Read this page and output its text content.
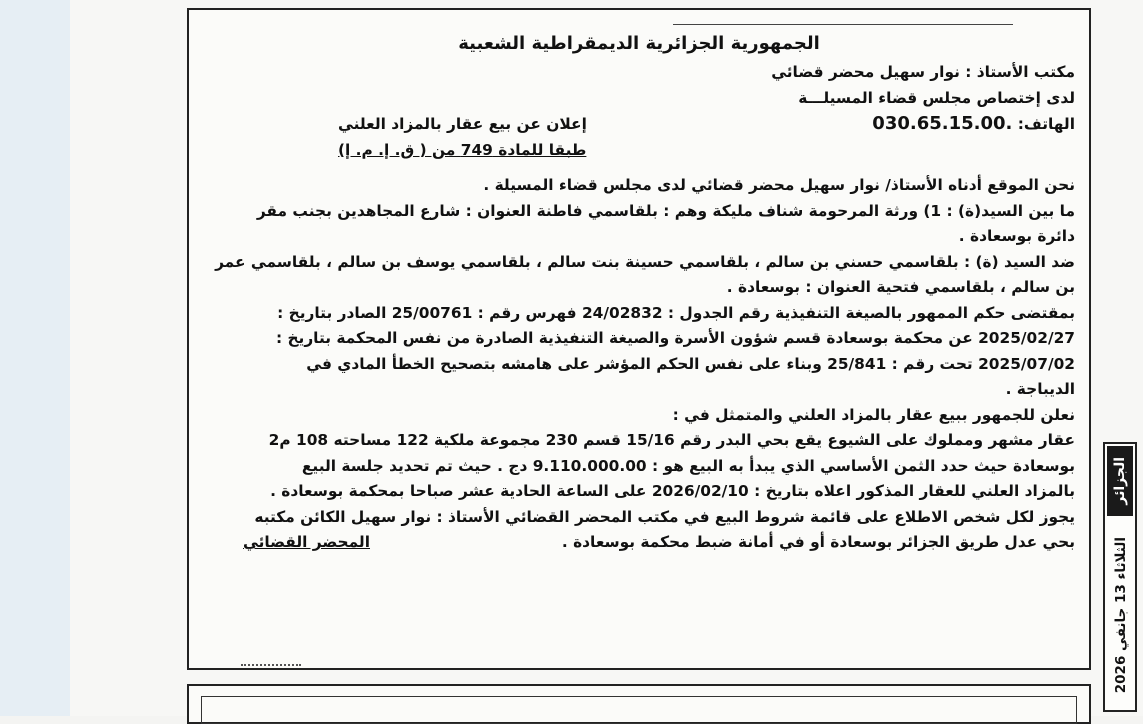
الجمهورية الجزائرية الديمقراطية الشعبية
مكتب الأستاذ : نوار سهيل محضر قضائي
لدى إختصاص مجلس قضاء المسيلـــة
الهاتف: .030.65.15.00
إعلان عن بيع عقار بالمزاد العلني
طبقا للمادة 749 من ( ق. إ. م. إ)
نحن الموقع أدناه الأستاذ/ نوار سهيل محضر قضائي لدى مجلس قضاء المسيلة .
ما بين السيد(ة) : 1) ورثة المرحومة شناف مليكة وهم : بلقاسمي فاطنة العنوان : شارع المجاهدين بجنب مقر
دائرة بوسعادة .
ضد السيد (ة) : بلقاسمي حسني بن سالم ، بلقاسمي حسينة بنت سالم ، بلقاسمي يوسف بن سالم ، بلقاسمي عمر
بن سالم ، بلقاسمي فتحية العنوان : بوسعادة .
بمقتضى حكم الممهور بالصيغة التنفيذية رقم الجدول : 24/02832 فهرس رقم : 25/00761 الصادر بتاريخ :
2025/02/27 عن محكمة بوسعادة قسم شؤون الأسرة والصيغة التنفيذية الصادرة من نفس المحكمة بتاريخ :
2025/07/02 تحت رقم : 25/841 وبناء على نفس الحكم المؤشر على هامشه بتصحيح الخطأ المادي في
الديباجة .
نعلن للجمهور ببيع عقار بالمزاد العلني والمتمثل في :
عقار مشهر ومملوك على الشيوع يقع بحي البدر رقم 15/16 قسم 230 مجموعة ملكية 122 مساحته 108 م2
بوسعادة حيث حدد الثمن الأساسي الذي يبدأ به البيع هو : 9.110.000.00 دج . حيث تم تحديد جلسة البيع
بالمزاد العلني للعقار المذكور اعلاه بتاريخ : 2026/02/10 على الساعة الحادية عشر صباحا بمحكمة بوسعادة .
يجوز لكل شخص الاطلاع على قائمة شروط البيع في مكتب المحضر القضائي الأستاذ : نوار سهيل الكائن مكتبه
بحي عدل طريق الجزائر بوسعادة أو في أمانة ضبط محكمة بوسعادة .
المحضر القضائي
الجزائر
الثلاثاء 13 جانفي 2026
